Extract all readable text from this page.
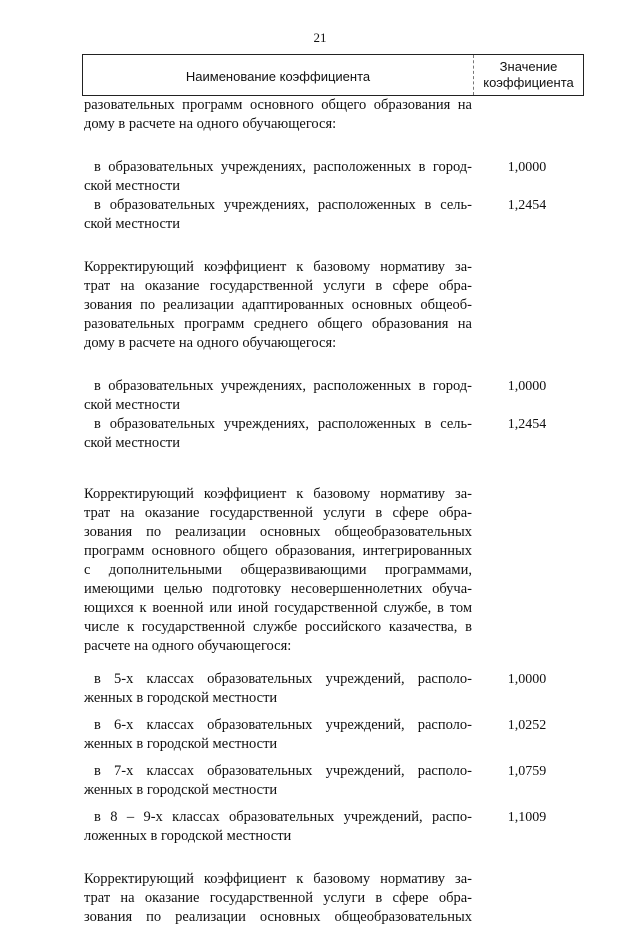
21
Наименование коэффициента
Значение
коэффициента
разовательных программ основного общего образования на
дому в расчете на одного обучающегося:
в образовательных учреждениях, расположенных в город-
ской местности
1,0000
в образовательных учреждениях, расположенных в сель-
ской местности
1,2454
Корректирующий коэффициент к базовому нормативу за-
трат на оказание государственной услуги в сфере обра-
зования по реализации адаптированных основных общеоб-
разовательных программ среднего общего образования на
дому в расчете на одного обучающегося:
в образовательных учреждениях, расположенных в город-
ской местности
1,0000
в образовательных учреждениях, расположенных в сель-
ской местности
1,2454
Корректирующий коэффициент к базовому нормативу за-
трат на оказание государственной услуги в сфере обра-
зования по реализации основных общеобразовательных
программ основного общего образования, интегрированных
с дополнительными общеразвивающими программами,
имеющими целью подготовку несовершеннолетних обуча-
ющихся к военной или иной государственной службе, в том
числе к государственной службе российского казачества, в
расчете на одного обучающегося:
в 5-х классах образовательных учреждений, располо-
женных в городской местности
1,0000
в 6-х классах образовательных учреждений, располо-
женных в городской местности
1,0252
в 7-х классах образовательных учреждений, располо-
женных в городской местности
1,0759
в 8 – 9-х классах образовательных учреждений, распо-
ложенных в городской местности
1,1009
Корректирующий коэффициент к базовому нормативу за-
трат на оказание государственной услуги в сфере обра-
зования по реализации основных общеобразовательных
